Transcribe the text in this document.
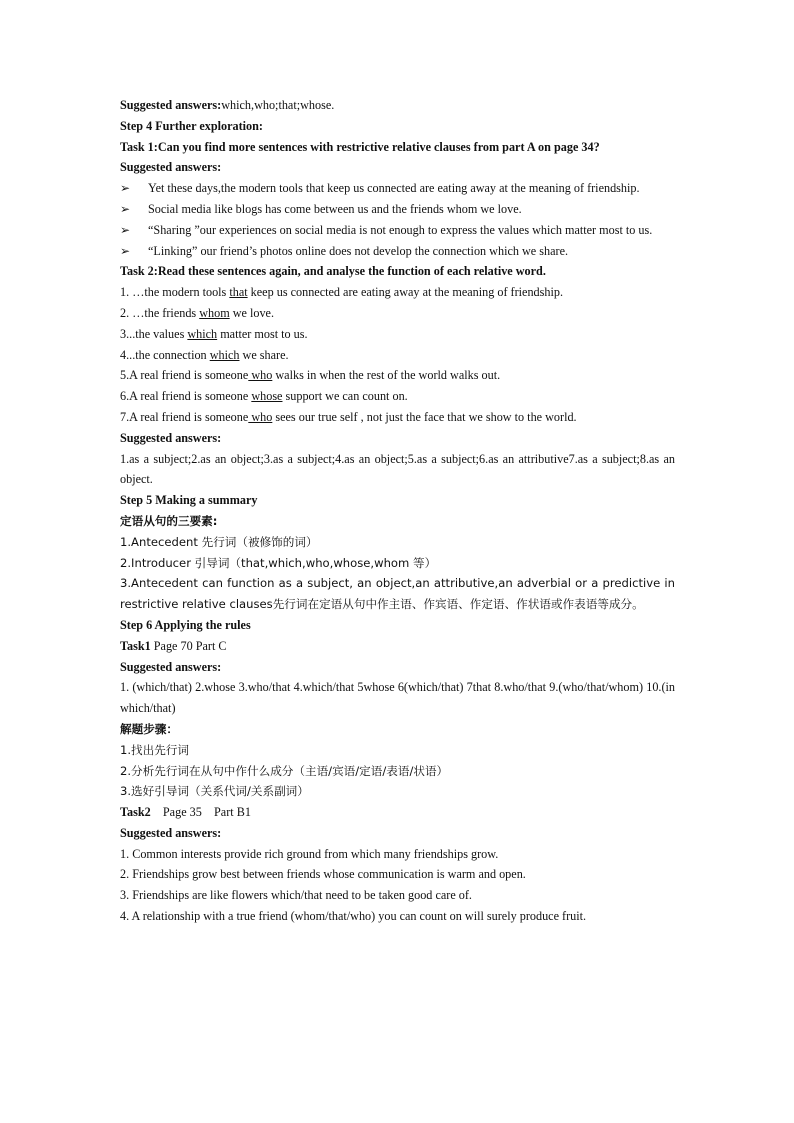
Suggested answers:which,who;that;whose.

Step 4 Further exploration:

Task 1:Can you find more sentences with restrictive relative clauses from part A on page 34?

Suggested answers:

➢ Yet these days,the modern tools that keep us connected are eating away at the meaning of friendship.

➢ Social media like blogs has come between us and the friends whom we love.

➢ “Sharing ”our experiences on social media is not enough to express the values which matter most to us.

➢ “Linking” our friend’s photos online does not develop the connection which we share.

Task 2:Read these sentences again, and analyse the function of each relative word.

1. …the modern tools that keep us connected are eating away at the meaning of friendship.

2. …the friends whom we love.

3...the values which matter most to us.

4...the connection which we share.

5.A real friend is someone who walks in when the rest of the world walks out.

6.A real friend is someone whose support we can count on.

7.A real friend is someone who sees our true self , not just the face that we show to the world.

Suggested answers:

1.as a subject;2.as an object;3.as a subject;4.as an object;5.as a subject;6.as an attributive7.as a subject;8.as an object.

Step 5 Making a summary

定语从句的三要素:

1.Antecedent 先行词（被修饰的词）

2.Introducer 引导词（that,which,who,whose,whom 等）

3.Antecedent can function as a subject, an object,an attributive,an adverbial or a predictive in restrictive relative clauses先行词在定语从句中作主语、作宾语、作定语、作状语或作表语等成分。

Step 6 Applying the rules

Task1 Page 70 Part C

Suggested answers:

1. (which/that) 2.whose 3.who/that 4.which/that 5whose 6(which/that) 7that 8.who/that 9.(who/that/whom) 10.(in which/that)

解题步骤：

1.找出先行词

2.分析先行词在从句中作什么成分（主语/宾语/定语/表语/状语）

3.选好引导词（关系代词/关系副词）

Task2    Page 35    Part B1

Suggested answers:

1. Common interests provide rich ground from which many friendships grow.

2. Friendships grow best between friends whose communication is warm and open.

3. Friendships are like flowers which/that need to be taken good care of.

4. A relationship with a true friend (whom/that/who) you can count on will surely produce fruit.
